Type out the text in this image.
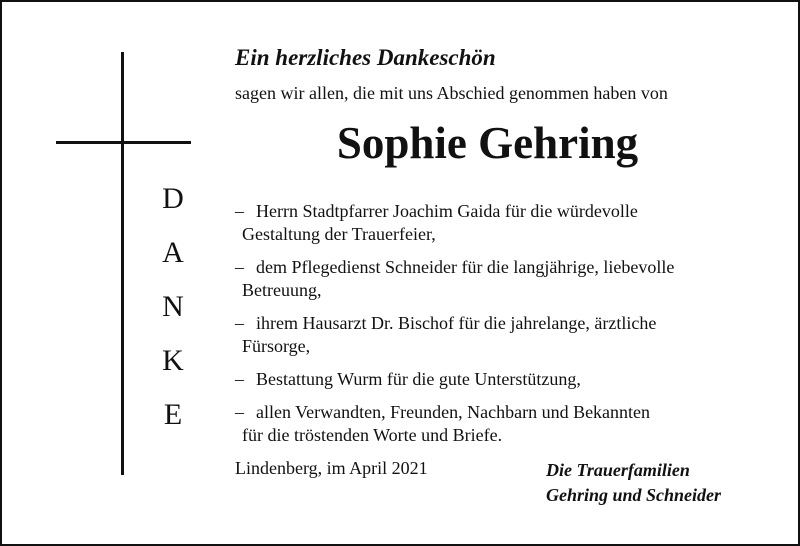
D
A
N
K
E
Ein herzliches Dankeschön
sagen wir allen, die mit uns Abschied genommen haben von
Sophie Gehring
– Herrn Stadtpfarrer Joachim Gaida für die würdevolle
Gestaltung der Trauerfeier,
– dem Pflegedienst Schneider für die langjährige, liebevolle
Betreuung,
– ihrem Hausarzt Dr. Bischof für die jahrelange, ärztliche
Fürsorge,
– Bestattung Wurm für die gute Unterstützung,
– allen Verwandten, Freunden, Nachbarn und Bekannten
für die tröstenden Worte und Briefe.
Lindenberg, im April 2021	Die Trauerfamilien
Gehring und Schneider
